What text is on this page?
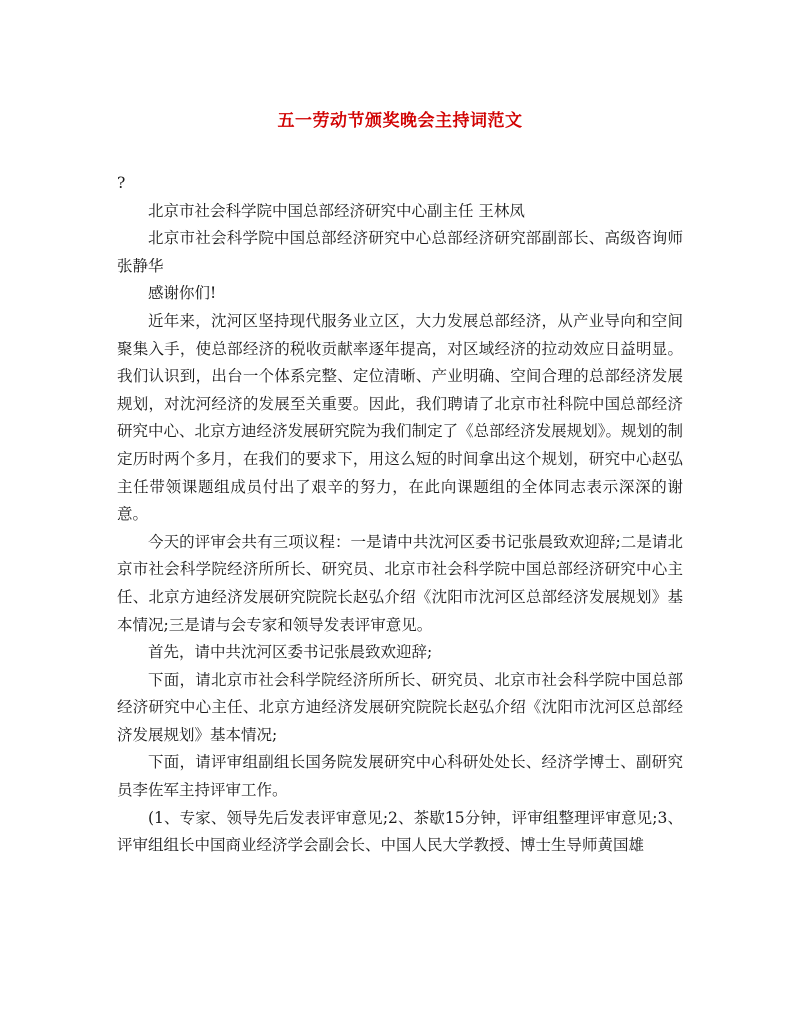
五一劳动节颁奖晚会主持词范文

?

北京市社会科学院中国总部经济研究中心副主任 王林凤

北京市社会科学院中国总部经济研究中心总部经济研究部副部长、高级咨询师 张静华

感谢你们!

近年来，沈河区坚持现代服务业立区，大力发展总部经济，从产业导向和空间聚集入手，使总部经济的税收贡献率逐年提高，对区域经济的拉动效应日益明显。我们认识到，出台一个体系完整、定位清晰、产业明确、空间合理的总部经济发展规划，对沈河经济的发展至关重要。因此，我们聘请了北京市社科院中国总部经济研究中心、北京方迪经济发展研究院为我们制定了《总部经济发展规划》。规划的制定历时两个多月，在我们的要求下，用这么短的时间拿出这个规划，研究中心赵弘主任带领课题组成员付出了艰辛的努力，在此向课题组的全体同志表示深深的谢意。

今天的评审会共有三项议程：一是请中共沈河区委书记张晨致欢迎辞;二是请北京市社会科学院经济所所长、研究员、北京市社会科学院中国总部经济研究中心主任、北京方迪经济发展研究院院长赵弘介绍《沈阳市沈河区总部经济发展规划》基本情况;三是请与会专家和领导发表评审意见。

首先，请中共沈河区委书记张晨致欢迎辞;

下面，请北京市社会科学院经济所所长、研究员、北京市社会科学院中国总部经济研究中心主任、北京方迪经济发展研究院院长赵弘介绍《沈阳市沈河区总部经济发展规划》基本情况;

下面，请评审组副组长国务院发展研究中心科研处处长、经济学博士、副研究员李佐军主持评审工作。

(1、专家、领导先后发表评审意见;2、茶歇15分钟，评审组整理评审意见;3、评审组组长中国商业经济学会副会长、中国人民大学教授、博士生导师黄国雄
